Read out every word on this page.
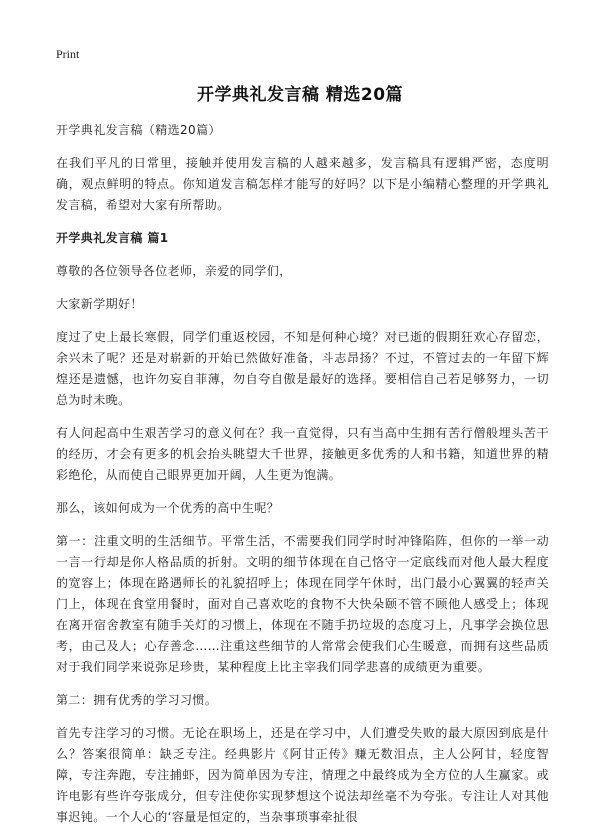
Print
开学典礼发言稿 精选20篇

开学典礼发言稿（精选20篇）

在我们平凡的日常里，接触并使用发言稿的人越来越多，发言稿具有逻辑严密，态度明确，观点鲜明的特点。你知道发言稿怎样才能写的好吗？以下是小编精心整理的开学典礼发言稿，希望对大家有所帮助。

开学典礼发言稿 篇1

尊敬的各位领导各位老师，亲爱的同学们，

大家新学期好！

度过了史上最长寒假，同学们重返校园，不知是何种心境？对已逝的假期狂欢心存留恋，余兴未了呢？还是对崭新的开始已然做好准备，斗志昂扬？不过，不管过去的一年留下辉煌还是遗憾，也许勿妄自菲薄，勿自夸自傲是最好的选择。要相信自己若足够努力，一切总为时未晚。

有人问起高中生艰苦学习的意义何在？我一直觉得，只有当高中生拥有苦行僧般埋头苦干的经历，才会有更多的机会抬头眺望大千世界，接触更多优秀的人和书籍，知道世界的精彩绝伦，从而使自己眼界更加开阔，人生更为饱满。

那么，该如何成为一个优秀的高中生呢？

第一：注重文明的生活细节。平常生活，不需要我们同学时时冲锋陷阵，但你的一举一动一言一行却是你人格品质的折射。文明的细节体现在自己恪守一定底线而对他人最大程度的宽容上；体现在路遇师长的礼貌招呼上；体现在同学午休时，出门最小心翼翼的轻声关门上，体现在食堂用餐时，面对自己喜欢吃的食物不大快朵颐不管不顾他人感受上；体现在离开宿舍教室有随手关灯的习惯上，体现在不随手扔垃圾的态度习上，凡事学会换位思考，由己及人；心存善念……注重这些细节的人常常会使我们心生暖意，而拥有这些品质对于我们同学来说弥足珍贵，某种程度上比主宰我们同学悲喜的成绩更为重要。

第二：拥有优秀的学习习惯。

首先专注学习的习惯。无论在职场上，还是在学习中，人们遭受失败的最大原因到底是什么？答案很简单：缺乏专注。经典影片《阿甘正传》赚无数泪点，主人公阿甘，轻度智障，专注奔跑，专注捕虾，因为简单因为专注，情理之中最终成为全方位的人生赢家。或许电影有些许夸张成分，但专注使你实现梦想这个说法却丝毫不为夸张。专注让人对其他事迟钝。一个人心的‘容量是恒定的，当杂事琐事牵扯很
